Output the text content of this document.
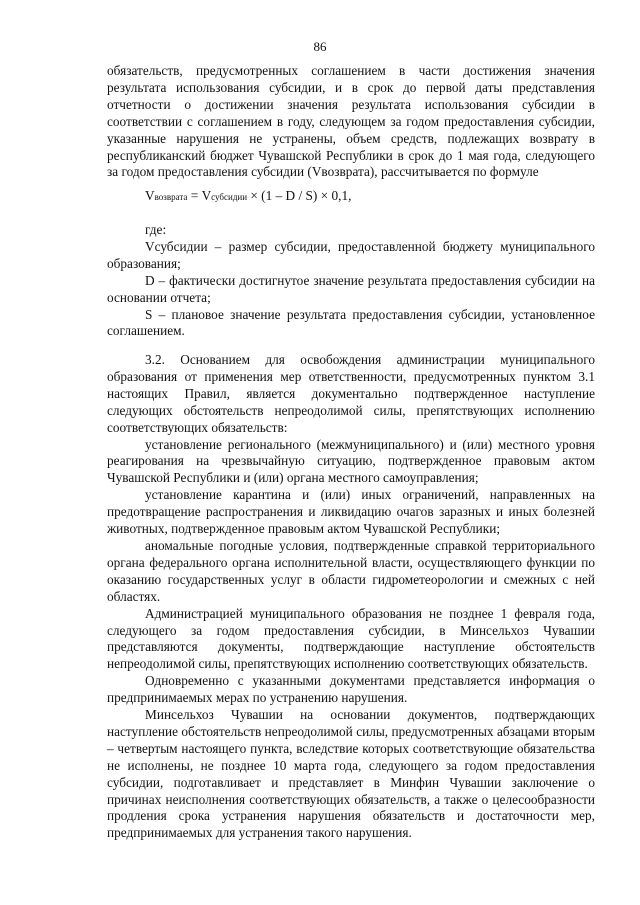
86

обязательств, предусмотренных соглашением в части достижения значения результата использования субсидии, и в срок до первой даты представления отчетности о достижении значения результата использования субсидии в соответствии с соглашением в году, следующем за годом предоставления субсидии, указанные нарушения не устранены, объем средств, подлежащих возврату в республиканский бюджет Чувашской Республики в срок до 1 мая года, следующего за годом предоставления субсидии (Vвозврата), рассчитывается по формуле

Vвозврата = Vсубсидии × (1 – D / S) × 0,1,

где:

Vсубсидии – размер субсидии, предоставленной бюджету муниципального образования;

D – фактически достигнутое значение результата предоставления субсидии на основании отчета;

S – плановое значение результата предоставления субсидии, установленное соглашением.

3.2. Основанием для освобождения администрации муниципального образования от применения мер ответственности, предусмотренных пунктом 3.1 настоящих Правил, является документально подтвержденное наступление следующих обстоятельств непреодолимой силы, препятствующих исполнению соответствующих обязательств:

установление регионального (межмуниципального) и (или) местного уровня реагирования на чрезвычайную ситуацию, подтвержденное правовым актом Чувашской Республики и (или) органа местного самоуправления;

установление карантина и (или) иных ограничений, направленных на предотвращение распространения и ликвидацию очагов заразных и иных болезней животных, подтвержденное правовым актом Чувашской Республики;

аномальные погодные условия, подтвержденные справкой территориального органа федерального органа исполнительной власти, осуществляющего функции по оказанию государственных услуг в области гидрометеорологии и смежных с ней областях.

Администрацией муниципального образования не позднее 1 февраля года, следующего за годом предоставления субсидии, в Минсельхоз Чувашии представляются документы, подтверждающие наступление обстоятельств непреодолимой силы, препятствующих исполнению соответствующих обязательств.

Одновременно с указанными документами представляется информация о предпринимаемых мерах по устранению нарушения.

Минсельхоз Чувашии на основании документов, подтверждающих наступление обстоятельств непреодолимой силы, предусмотренных абзацами вторым – четвертым настоящего пункта, вследствие которых соответствующие обязательства не исполнены, не позднее 10 марта года, следующего за годом предоставления субсидии, подготавливает и представляет в Минфин Чувашии заключение о причинах неисполнения соответствующих обязательств, а также о целесообразности продления срока устранения нарушения обязательств и достаточности мер, предпринимаемых для устранения такого нарушения.
